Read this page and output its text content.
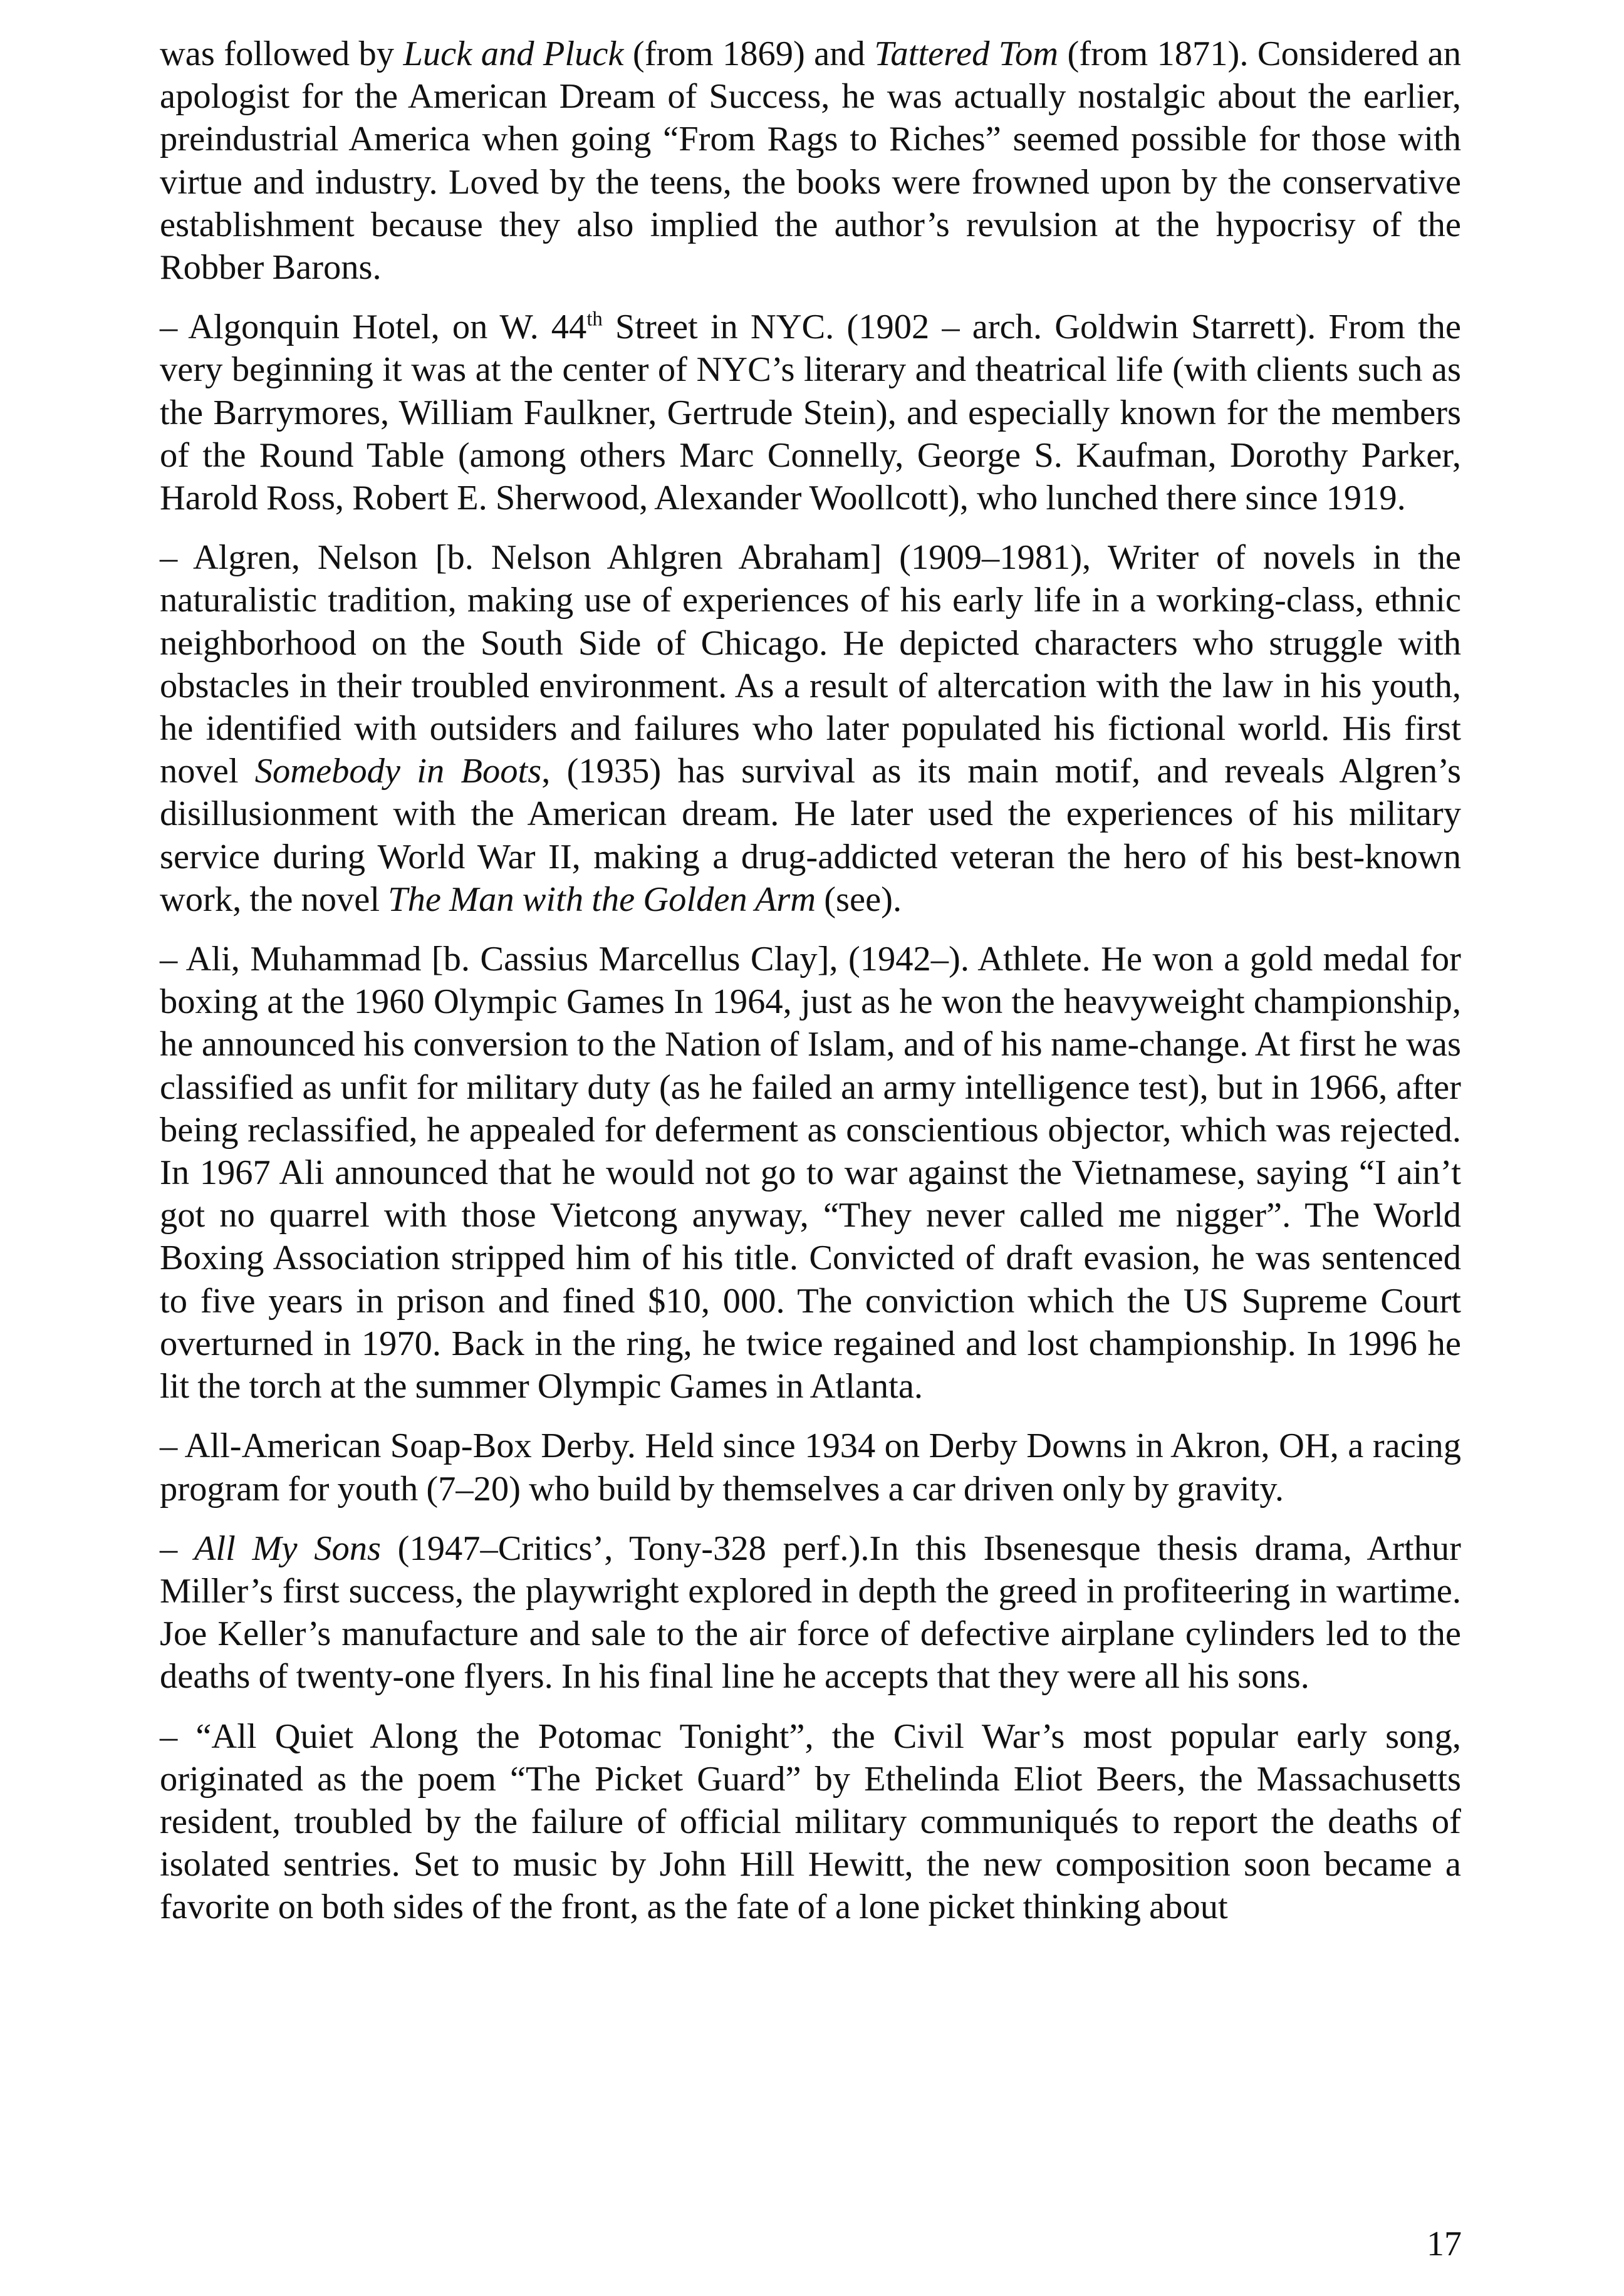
was followed by Luck and Pluck (from 1869) and Tattered Tom (from 1871). Considered an apologist for the American Dream of Success, he was actually nostalgic about the earlier, preindustrial America when going “From Rags to Riches” seemed possible for those with virtue and industry. Loved by the teens, the books were frowned upon by the conservative establishment because they also implied the author’s revulsion at the hypocrisy of the Robber Barons.

– Algonquin Hotel, on W. 44th Street in NYC. (1902 – arch. Goldwin Starrett). From the very beginning it was at the center of NYC’s literary and theatrical life (with clients such as the Barrymores, William Faulkner, Gertrude Stein), and especially known for the members of the Round Table (among others Marc Connelly, George S. Kaufman, Dorothy Parker, Harold Ross, Robert E. Sherwood, Alexander Woollcott), who lunched there since 1919.

– Algren, Nelson [b. Nelson Ahlgren Abraham] (1909–1981), Writer of novels in the naturalistic tradition, making use of experiences of his early life in a working-class, ethnic neighborhood on the South Side of Chicago. He depicted characters who struggle with obstacles in their troubled environment. As a result of altercation with the law in his youth, he identified with outsiders and failures who later populated his fictional world. His first novel Somebody in Boots, (1935) has survival as its main motif, and reveals Algren’s disillusionment with the American dream. He later used the experiences of his military service during World War II, making a drug-addicted veteran the hero of his best-known work, the novel The Man with the Golden Arm (see).

– Ali, Muhammad [b. Cassius Marcellus Clay], (1942–). Athlete. He won a gold medal for boxing at the 1960 Olympic Games In 1964, just as he won the heavyweight championship, he announced his conversion to the Nation of Islam, and of his name-change. At first he was classified as unfit for military duty (as he failed an army intelligence test), but in 1966, after being reclassified, he appealed for deferment as conscientious objector, which was rejected. In 1967 Ali announced that he would not go to war against the Vietnamese, saying “I ain’t got no quarrel with those Vietcong anyway, “They never called me nigger”. The World Boxing Association stripped him of his title. Convicted of draft evasion, he was sentenced to five years in prison and fined $10, 000. The conviction which the US Supreme Court overturned in 1970. Back in the ring, he twice regained and lost championship. In 1996 he lit the torch at the summer Olympic Games in Atlanta.

– All-American Soap-Box Derby. Held since 1934 on Derby Downs in Akron, OH, a racing program for youth (7–20) who build by themselves a car driven only by gravity.

– All My Sons (1947–Critics’, Tony-328 perf.).In this Ibsenesque thesis drama, Arthur Miller’s first success, the playwright explored in depth the greed in profiteering in wartime. Joe Keller’s manufacture and sale to the air force of defective airplane cylinders led to the deaths of twenty-one flyers. In his final line he accepts that they were all his sons.

– “All Quiet Along the Potomac Tonight”, the Civil War’s most popular early song, originated as the poem “The Picket Guard” by Ethelinda Eliot Beers, the Massachusetts resident, troubled by the failure of official military communiqués to report the deaths of isolated sentries. Set to music by John Hill Hewitt, the new composition soon became a favorite on both sides of the front, as the fate of a lone picket thinking about

17
